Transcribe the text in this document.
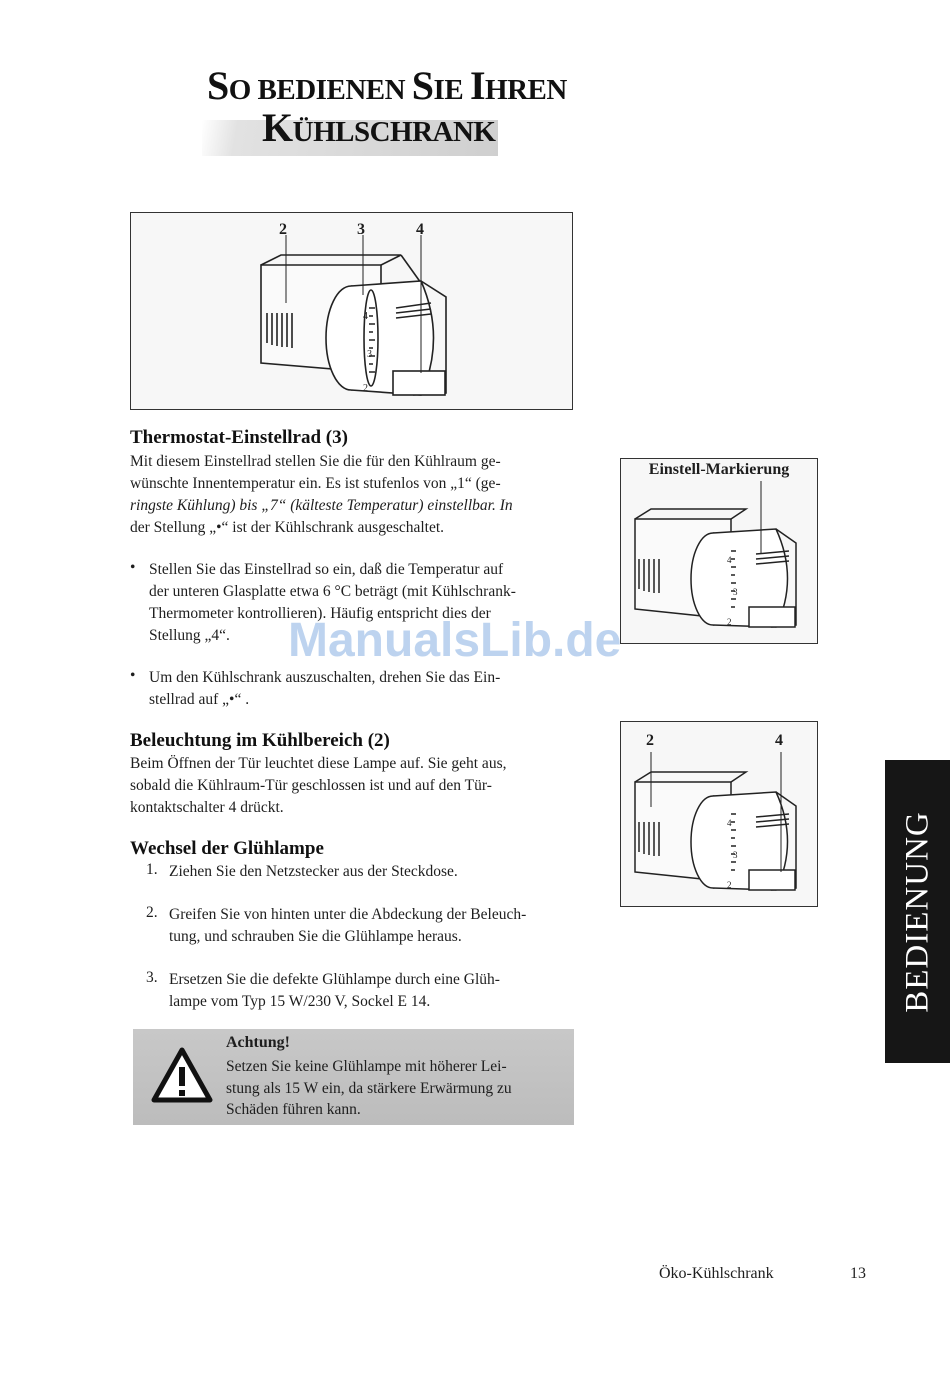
SO BEDIENEN SIE IHREN
KÜHLSCHRANK
2	3	4
4
3
2
Einstell-Markierung
4
3
2
2	4
4
3
2
Thermostat-Einstellrad (3)
Mit diesem Einstellrad stellen Sie die für den Kühlraum ge-
wünschte Innentemperatur ein. Es ist stufenlos von „1“ (ge-
ringste Kühlung) bis „7“ (kälteste Temperatur) einstellbar. In
der Stellung „•“ ist der Kühlschrank ausgeschaltet.
• Stellen Sie das Einstellrad so ein, daß die Temperatur auf
der unteren Glasplatte etwa 6 °C beträgt (mit Kühlschrank-
Thermometer kontrollieren). Häufig entspricht dies der
Stellung „4“.
• Um den Kühlschrank auszuschalten, drehen Sie das Ein-
stellrad auf „•“ .
Beleuchtung im Kühlbereich (2)
Beim Öffnen der Tür leuchtet diese Lampe auf. Sie geht aus,
sobald die Kühlraum-Tür geschlossen ist und auf den Tür-
kontaktschalter 4 drückt.
Wechsel der Glühlampe
1. Ziehen Sie den Netzstecker aus der Steckdose.
2. Greifen Sie von hinten unter die Abdeckung der Beleuch-
tung, und schrauben Sie die Glühlampe heraus.
3. Ersetzen Sie die defekte Glühlampe durch eine Glüh-
lampe vom Typ 15 W/230 V, Sockel E 14.
Achtung!
Setzen Sie keine Glühlampe mit höherer Lei-
stung als 15 W ein, da stärkere Erwärmung zu
Schäden führen kann.
BEDIENUNG
ManualsLib.de
Öko-Kühlschrank	13
